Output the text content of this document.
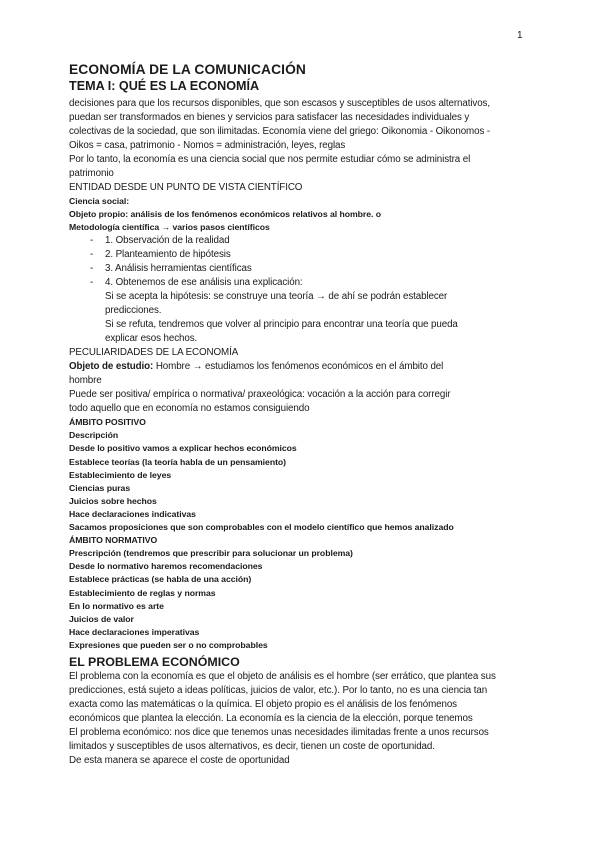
1
ECONOMÍA DE LA COMUNICACIÓN
TEMA I: QUÉ ES LA ECONOMÍA
decisiones para que los recursos disponibles, que son escasos y susceptibles de usos alternativos,
puedan ser transformados en bienes y servicios para satisfacer las necesidades individuales y
colectivas de la sociedad, que son ilimitadas. Economía viene del griego: Oikonomia - Oikonomos -
Oikos = casa, patrimonio - Nomos = administración, leyes, reglas
Por lo tanto, la economía es una ciencia social que nos permite estudiar cómo se administra el
patrimonio
ENTIDAD DESDE UN PUNTO DE VISTA CIENTÍFICO
Ciencia social:
Objeto propio: análisis de los fenómenos económicos relativos al hombre. o
Metodología científica → varios pasos científicos
- 1. Observación de la realidad
- 2. Planteamiento de hipótesis
- 3. Análisis herramientas científicas
- 4. Obtenemos de ese análisis una explicación:
Si se acepta la hipótesis: se construye una teoría → de ahí se podrán establecer
predicciones.
Si se refuta, tendremos que volver al principio para encontrar una teoría que pueda
explicar esos hechos.
PECULIARIDADES DE LA ECONOMÍA
Objeto de estudio: Hombre → estudiamos los fenómenos económicos en el ámbito del
hombre
Puede ser positiva/ empírica o normativa/ praxeológica: vocación a la acción para corregir
todo aquello que en economía no estamos consiguiendo
ÁMBITO POSITIVO
Descripción
Desde lo positivo vamos a explicar hechos económicos
Establece teorías (la teoría habla de un pensamiento)
Establecimiento de leyes
Ciencias puras
Juicios sobre hechos
Hace declaraciones indicativas
Sacamos proposiciones que son comprobables con el modelo científico que hemos analizado
ÁMBITO NORMATIVO
Prescripción (tendremos que prescribir para solucionar un problema)
Desde lo normativo haremos recomendaciones
Establece prácticas (se habla de una acción)
Establecimiento de reglas y normas
En lo normativo es arte
Juicios de valor
Hace declaraciones imperativas
Expresiones que pueden ser o no comprobables
EL PROBLEMA ECONÓMICO
El problema con la economía es que el objeto de análisis es el hombre (ser errático, que plantea sus
predicciones, está sujeto a ideas políticas, juicios de valor, etc.). Por lo tanto, no es una ciencia tan
exacta como las matemáticas o la química. El objeto propio es el análisis de los fenómenos
económicos que plantea la elección. La economía es la ciencia de la elección, porque tenemos
El problema económico: nos dice que tenemos unas necesidades ilimitadas frente a unos recursos
limitados y susceptibles de usos alternativos, es decir, tienen un coste de oportunidad.
De esta manera se aparece el coste de oportunidad
